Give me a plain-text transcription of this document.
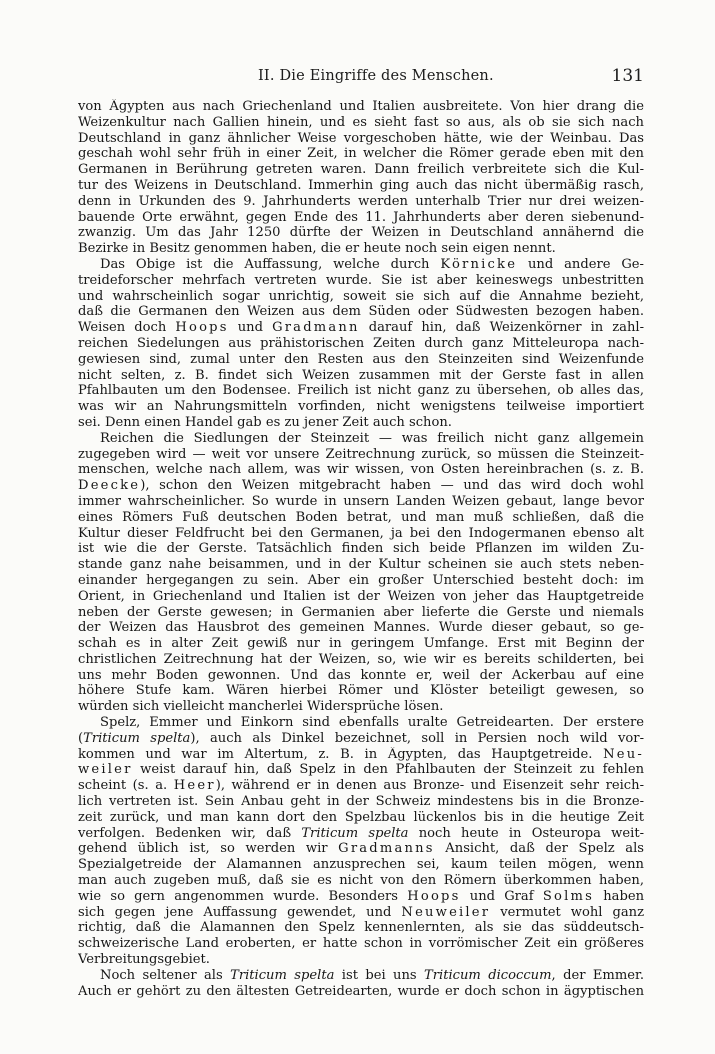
II. Die Eingriffe des Menschen.	131

von Ägypten aus nach Griechenland und Italien ausbreitete. Von hier drang die
Weizenkultur nach Gallien hinein, und es sieht fast so aus, als ob sie sich nach
Deutschland in ganz ähnlicher Weise vorgeschoben hätte, wie der Weinbau. Das
geschah wohl sehr früh in einer Zeit, in welcher die Römer gerade eben mit den
Germanen in Berührung getreten waren. Dann freilich verbreitete sich die Kul-
tur des Weizens in Deutschland. Immerhin ging auch das nicht übermäßig rasch,
denn in Urkunden des 9. Jahrhunderts werden unterhalb Trier nur drei weizen-
bauende Orte erwähnt, gegen Ende des 11. Jahrhunderts aber deren siebenund-
zwanzig. Um das Jahr 1250 dürfte der Weizen in Deutschland annähernd die
Bezirke in Besitz genommen haben, die er heute noch sein eigen nennt.

Das Obige ist die Auffassung, welche durch Körnicke und andere Ge-
treideforscher mehrfach vertreten wurde. Sie ist aber keineswegs unbestritten
und wahrscheinlich sogar unrichtig, soweit sie sich auf die Annahme bezieht,
daß die Germanen den Weizen aus dem Süden oder Südwesten bezogen haben.
Weisen doch Hoops und Gradmann darauf hin, daß Weizenkörner in zahl-
reichen Siedelungen aus prähistorischen Zeiten durch ganz Mitteleuropa nach-
gewiesen sind, zumal unter den Resten aus den Steinzeiten sind Weizenfunde
nicht selten, z. B. findet sich Weizen zusammen mit der Gerste fast in allen
Pfahlbauten um den Bodensee. Freilich ist nicht ganz zu übersehen, ob alles das,
was wir an Nahrungsmitteln vorfinden, nicht wenigstens teilweise importiert
sei. Denn einen Handel gab es zu jener Zeit auch schon.

Reichen die Siedlungen der Steinzeit — was freilich nicht ganz allgemein
zugegeben wird — weit vor unsere Zeitrechnung zurück, so müssen die Steinzeit-
menschen, welche nach allem, was wir wissen, von Osten hereinbrachen (s. z. B.
Deecke), schon den Weizen mitgebracht haben — und das wird doch wohl
immer wahrscheinlicher. So wurde in unsern Landen Weizen gebaut, lange bevor
eines Römers Fuß deutschen Boden betrat, und man muß schließen, daß die
Kultur dieser Feldfrucht bei den Germanen, ja bei den Indogermanen ebenso alt
ist wie die der Gerste. Tatsächlich finden sich beide Pflanzen im wilden Zu-
stande ganz nahe beisammen, und in der Kultur scheinen sie auch stets neben-
einander hergegangen zu sein. Aber ein großer Unterschied besteht doch: im
Orient, in Griechenland und Italien ist der Weizen von jeher das Hauptgetreide
neben der Gerste gewesen; in Germanien aber lieferte die Gerste und niemals
der Weizen das Hausbrot des gemeinen Mannes. Wurde dieser gebaut, so ge-
schah es in alter Zeit gewiß nur in geringem Umfange. Erst mit Beginn der
christlichen Zeitrechnung hat der Weizen, so, wie wir es bereits schilderten, bei
uns mehr Boden gewonnen. Und das konnte er, weil der Ackerbau auf eine
höhere Stufe kam. Wären hierbei Römer und Klöster beteiligt gewesen, so
würden sich vielleicht mancherlei Widersprüche lösen.

Spelz, Emmer und Einkorn sind ebenfalls uralte Getreidearten. Der erstere
(Triticum spelta), auch als Dinkel bezeichnet, soll in Persien noch wild vor-
kommen und war im Altertum, z. B. in Ägypten, das Hauptgetreide. Neu-
weiler weist darauf hin, daß Spelz in den Pfahlbauten der Steinzeit zu fehlen
scheint (s. a. Heer), während er in denen aus Bronze- und Eisenzeit sehr reich-
lich vertreten ist. Sein Anbau geht in der Schweiz mindestens bis in die Bronze-
zeit zurück, und man kann dort den Spelzbau lückenlos bis in die heutige Zeit
verfolgen. Bedenken wir, daß Triticum spelta noch heute in Osteuropa weit-
gehend üblich ist, so werden wir Gradmanns Ansicht, daß der Spelz als
Spezialgetreide der Alamannen anzusprechen sei, kaum teilen mögen, wenn
man auch zugeben muß, daß sie es nicht von den Römern überkommen haben,
wie so gern angenommen wurde. Besonders Hoops und Graf Solms haben
sich gegen jene Auffassung gewendet, und Neuweiler vermutet wohl ganz
richtig, daß die Alamannen den Spelz kennenlernten, als sie das süddeutsch-
schweizerische Land eroberten, er hatte schon in vorrömischer Zeit ein größeres
Verbreitungsgebiet.

Noch seltener als Triticum spelta ist bei uns Triticum dicoccum, der Emmer.
Auch er gehört zu den ältesten Getreidearten, wurde er doch schon in ägyptischen
